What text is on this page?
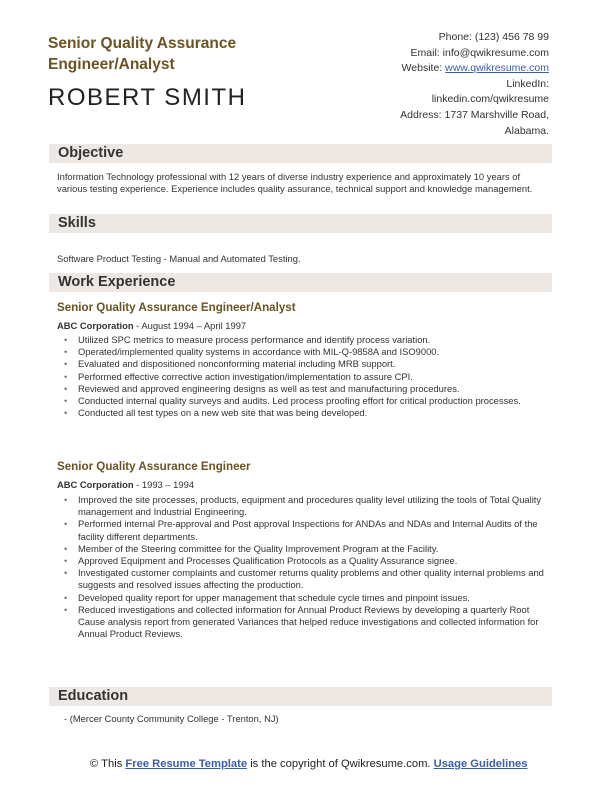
Senior Quality Assurance Engineer/Analyst
ROBERT SMITH
Phone: (123) 456 78 99
Email: info@qwikresume.com
Website: www.qwikresume.com
LinkedIn:
linkedin.com/qwikresume
Address: 1737 Marshville Road,
Alabama.
Objective
Information Technology professional with 12 years of diverse industry experience and approximately 10 years of various testing experience. Experience includes quality assurance, technical support and knowledge management.
Skills
Software Product Testing - Manual and Automated Testing.
Work Experience
Senior Quality Assurance Engineer/Analyst
ABC Corporation - August 1994 – April 1997
• Utilized SPC metrics to measure process performance and identify process variation.
• Operated/implemented quality systems in accordance with MIL-Q-9858A and ISO9000.
• Evaluated and dispositioned nonconforming material including MRB support.
• Performed effective corrective action investigation/implementation to assure CPI.
• Reviewed and approved engineering designs as well as test and manufacturing procedures.
• Conducted internal quality surveys and audits. Led process proofing effort for critical production processes.
• Conducted all test types on a new web site that was being developed.
Senior Quality Assurance Engineer
ABC Corporation - 1993 – 1994
• Improved the site processes, products, equipment and procedures quality level utilizing the tools of Total Quality management and Industrial Engineering.
• Performed internal Pre-approval and Post approval Inspections for ANDAs and NDAs and Internal Audits of the facility different departments.
• Member of the Steering committee for the Quality Improvement Program at the Facility.
• Approved Equipment and Processes Qualification Protocols as a Quality Assurance signee.
• Investigated customer complaints and customer returns quality problems and other quality internal problems and suggests and resolved issues affecting the production.
• Developed quality report for upper management that schedule cycle times and pinpoint issues.
• Reduced investigations and collected information for Annual Product Reviews by developing a quarterly Root Cause analysis report from generated Variances that helped reduce investigations and collected information for Annual Product Reviews.
Education
- (Mercer County Community College - Trenton, NJ)
© This Free Resume Template is the copyright of Qwikresume.com. Usage Guidelines
